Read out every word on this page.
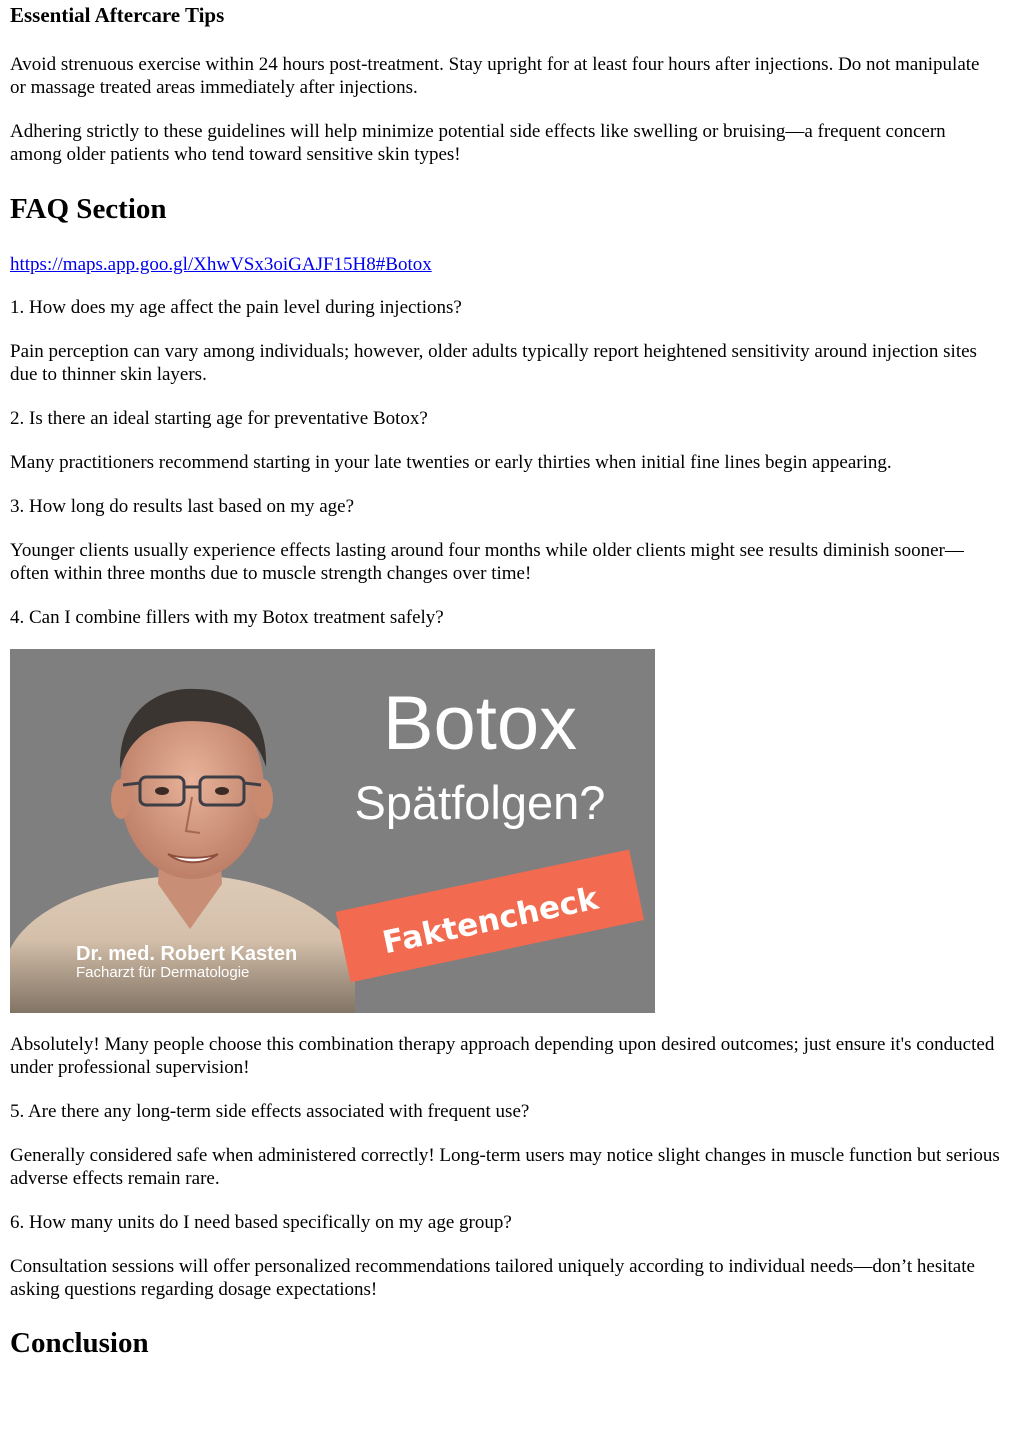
Essential Aftercare Tips
Avoid strenuous exercise within 24 hours post-treatment. Stay upright for at least four hours after injections. Do not manipulate or massage treated areas immediately after injections.
Adhering strictly to these guidelines will help minimize potential side effects like swelling or bruising—a frequent concern among older patients who tend toward sensitive skin types!
FAQ Section
https://maps.app.goo.gl/XhwVSx3oiGAJF15H8#Botox
1. How does my age affect the pain level during injections?
Pain perception can vary among individuals; however, older adults typically report heightened sensitivity around injection sites due to thinner skin layers.
2. Is there an ideal starting age for preventative Botox?
Many practitioners recommend starting in your late twenties or early thirties when initial fine lines begin appearing.
3. How long do results last based on my age?
Younger clients usually experience effects lasting around four months while older clients might see results diminish sooner—often within three months due to muscle strength changes over time!
4. Can I combine fillers with my Botox treatment safely?
Botox
Spätfolgen?
Faktencheck
Dr. med. Robert Kasten
Facharzt für Dermatologie
Absolutely! Many people choose this combination therapy approach depending upon desired outcomes; just ensure it's conducted under professional supervision!
5. Are there any long-term side effects associated with frequent use?
Generally considered safe when administered correctly! Long-term users may notice slight changes in muscle function but serious adverse effects remain rare.
6. How many units do I need based specifically on my age group?
Consultation sessions will offer personalized recommendations tailored uniquely according to individual needs—don’t hesitate asking questions regarding dosage expectations!
Conclusion
